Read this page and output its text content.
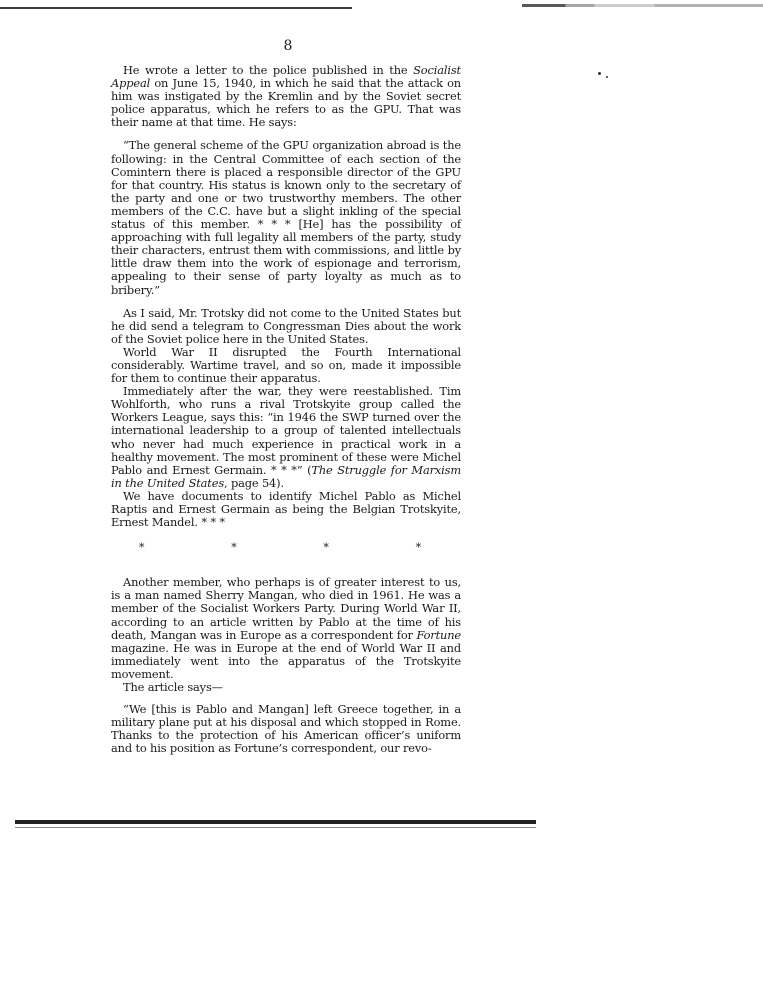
8

He wrote a letter to the police published in the Socialist Appeal on June 15, 1940, in which he said that the attack on him was instigated by the Kremlin and by the Soviet secret police apparatus, which he refers to as the GPU. That was their name at that time. He says:

“The general scheme of the GPU organization abroad is the following: in the Central Committee of each section of the Comintern there is placed a responsible director of the GPU for that country. His status is known only to the secretary of the party and one or two trustworthy members. The other members of the C.C. have but a slight inkling of the special status of this member. * * * [He] has the possibility of approaching with full legality all members of the party, study their characters, entrust them with commissions, and little by little draw them into the work of espionage and terrorism, appealing to their sense of party loyalty as much as to bribery.”

As I said, Mr. Trotsky did not come to the United States but he did send a telegram to Congressman Dies about the work of the Soviet police here in the United States.

World War II disrupted the Fourth International considerably. Wartime travel, and so on, made it impossible for them to continue their apparatus.

Immediately after the war, they were reestablished. Tim Wohlforth, who runs a rival Trotskyite group called the Workers League, says this: “in 1946 the SWP turned over the international leadership to a group of talented intellectuals who never had much experience in practical work in a healthy movement. The most prominent of these were Michel Pablo and Ernest Germain. * * *” (The Struggle for Marxism in the United States, page 54).

We have documents to identify Michel Pablo as Michel Raptis and Ernest Germain as being the Belgian Trotskyite, Ernest Mandel. * * *

*	*	*	*

Another member, who perhaps is of greater interest to us, is a man named Sherry Mangan, who died in 1961. He was a member of the Socialist Workers Party. During World War II, according to an article written by Pablo at the time of his death, Mangan was in Europe as a correspondent for Fortune magazine. He was in Europe at the end of World War II and immediately went into the apparatus of the Trotskyite movement.

The article says—

“We [this is Pablo and Mangan] left Greece together, in a military plane put at his disposal and which stopped in Rome. Thanks to the protection of his American officer’s uniform and to his position as Fortune’s correspondent, our revo-
